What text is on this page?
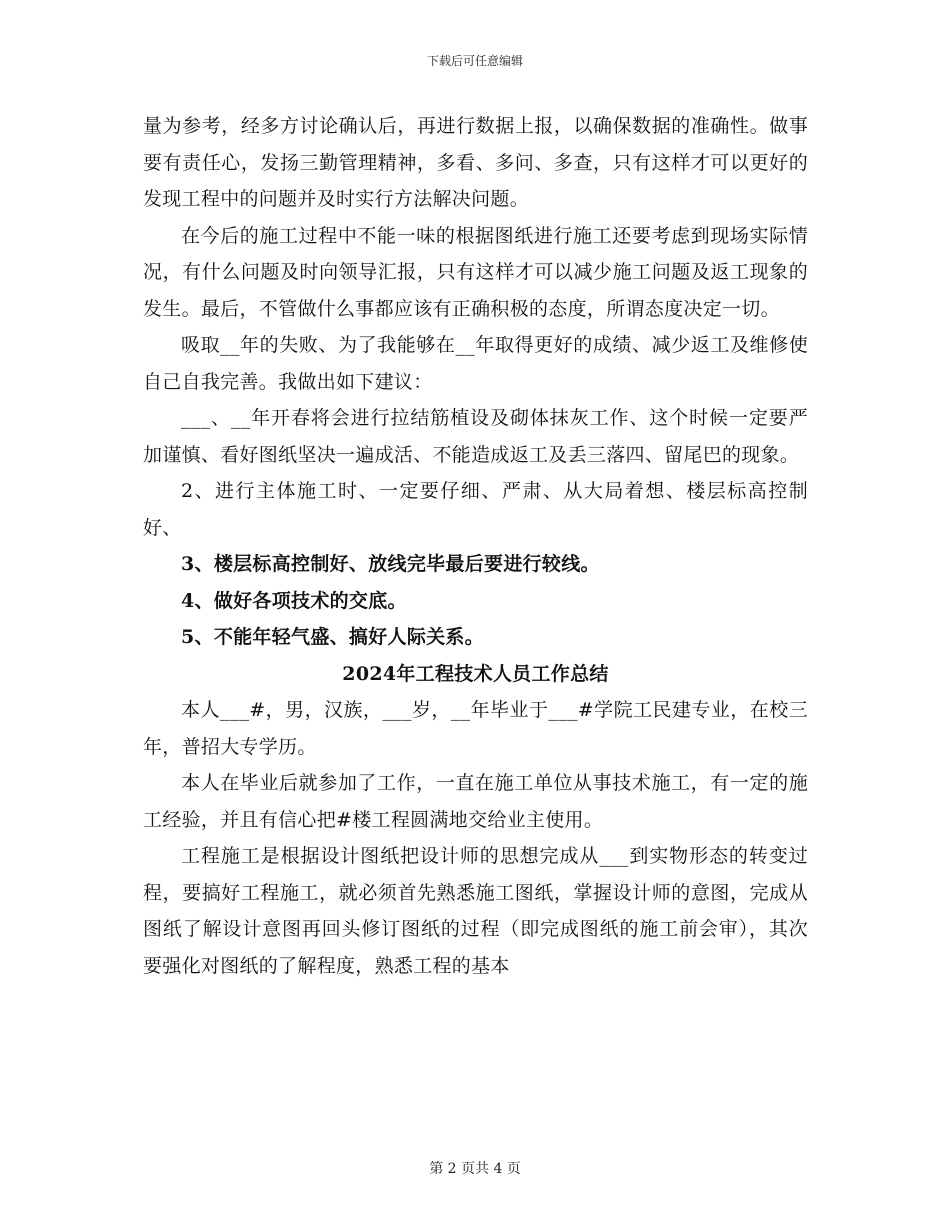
下载后可任意编辑

量为参考，经多方讨论确认后，再进行数据上报，以确保数据的准确性。做事要有责任心，发扬三勤管理精神，多看、多问、多查，只有这样才可以更好的发现工程中的问题并及时实行方法解决问题。

在今后的施工过程中不能一味的根据图纸进行施工还要考虑到现场实际情况，有什么问题及时向领导汇报，只有这样才可以减少施工问题及返工现象的发生。最后，不管做什么事都应该有正确积极的态度，所谓态度决定一切。

吸取__年的失败、为了我能够在__年取得更好的成绩、减少返工及维修使自己自我完善。我做出如下建议：

___、__年开春将会进行拉结筋植设及砌体抹灰工作、这个时候一定要严加谨慎、看好图纸坚决一遍成活、不能造成返工及丢三落四、留尾巴的现象。

2、进行主体施工时、一定要仔细、严肃、从大局着想、楼层标高控制好、

3、楼层标高控制好、放线完毕最后要进行较线。

4、做好各项技术的交底。

5、不能年轻气盛、搞好人际关系。

2024年工程技术人员工作总结

本人___#，男，汉族，___岁，__年毕业于___#学院工民建专业，在校三年，普招大专学历。

本人在毕业后就参加了工作，一直在施工单位从事技术施工，有一定的施工经验，并且有信心把#楼工程圆满地交给业主使用。

工程施工是根据设计图纸把设计师的思想完成从___到实物形态的转变过程，要搞好工程施工，就必须首先熟悉施工图纸，掌握设计师的意图，完成从图纸了解设计意图再回头修订图纸的过程（即完成图纸的施工前会审），其次要强化对图纸的了解程度，熟悉工程的基本

第 2 页共 4 页
